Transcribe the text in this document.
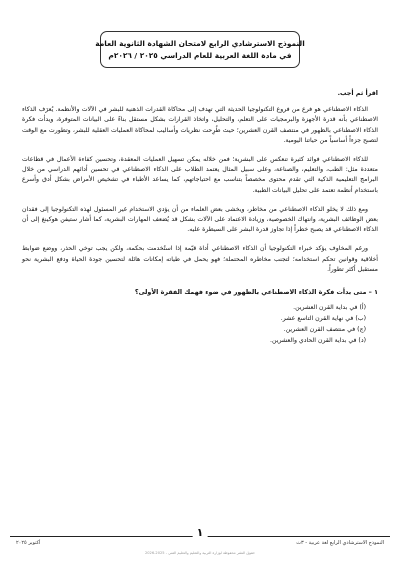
النموذج الاسترشادي الرابع لامتحان الشهادة الثانوية العامة
في مادة اللغة العربية للعام الدراسي ٢٠٢٥ / ٢٠٢٦م
اقرأ ثم أجب.

الذكاء الاصطناعي هو فرع من فروع التكنولوجيا الحديثة التي تهدف إلى محاكاة القدرات الذهنية للبشر في الآلات والأنظمة. يُعرَف الذكاء الاصطناعي بأنه قدرة الأجهزة والبرمجيات على التعلم، والتحليل، واتخاذ القرارات بشكل مستقل بناءً على البيانات المتوفرة، ويدأت فكرة الذكاء الاصطناعي بالظهور في منتصف القرن العشرين؛ حيث طُرِحت نظريات وأساليب لمحاكاة العمليات العقلية للبشر، وتطورت مع الوقت لتصبح جزءاً أساسياً من حياتنا اليومية.

للذكاء الاصطناعي فوائد كثيرة تنعكس على البشرية؛ فمن خلاله يمكن تسهيل العمليات المعقدة، وتحسين كفاءة الأعمال في قطاعات متعددة مثل: الطب، والتعليم، والصناعة، وعلى سبيل المثال يعتمد الطلاب على الذكاء الاصطناعي في تحسين أدائهم الدراسي من خلال البرامج التعليمية الذكية التي تقدم محتوى مخصصاً بتناسب مع احتياجاتهم، كما يساعد الأطباء في تشخيص الأمراض بشكل أدق وأسرع باستخدام أنظمة تعتمد على تحليل البيانات الطبية.

ومع ذلك لا يخلو الذكاء الاصطناعي من مخاطر، ويخشى بعض العلماء من أن يؤدي الاستخدام غير المسئول لهذه التكنولوجيا إلى فقدان بعض الوظائف البشرية، وانتهاك الخصوصية، وزيادة الاعتماد على الآلات بشكل قد يُضعف المهارات البشرية، كما أشار ستيفن هوكينغ إلى أن الذكاء الاصطناعي قد يصبح خطراً إذا تجاوز قدرة البشر على السيطرة عليه.

ورغم المخاوف يؤكد خبراء التكنولوجيا أن الذكاء الاصطناعي أداة قيّمة إذا استُخدمت بحكمة، ولكن يجب توخي الحذر، ووضع ضوابط أخلاقية وقوانين تحكم استخدامه؛ لتجنب مخاطره المحتملة؛ فهو يحمل في طياته إمكانات هائلة لتحسين جودة الحياة ودفع البشرية نحو مستقبل أكثر تطوراً.

١ – متى بدأت فكرة الذكاء الاصطناعي بالظهور في ضوء فهمك الفقرة الأولى؟
(أ) في بداية القرن العشرين.
(ب) في نهاية القرن التاسع عشر.
(ج) في منتصف القرن العشرين.
(د) في بداية القرن الحادي والعشرين.
١
النموذج الاسترشادي الرابع لغة عربية - ٣ث
أكتوبر ٢٠٢٥
حقوق النشر محفوظة لوزارة التربية والتعليم والتعليم الفني - 2025-2026
